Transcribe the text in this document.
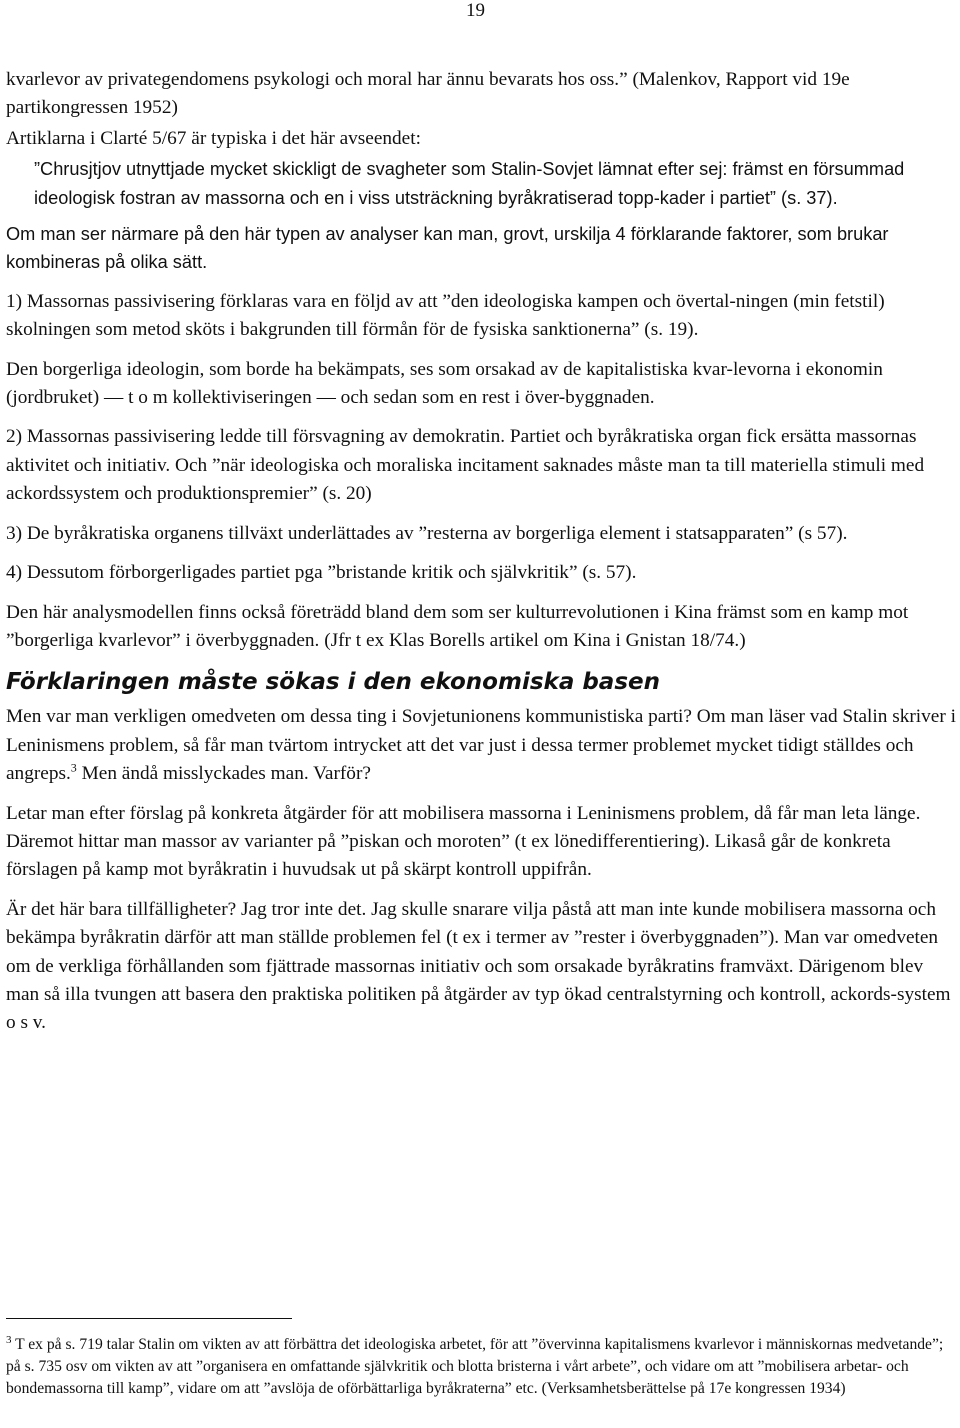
19

kvarlevor av privategendomens psykologi och moral har ännu bevarats hos oss.” (Malenkov, Rapport vid 19e partikongressen 1952)

Artiklarna i Clarté 5/67 är typiska i det här avseendet:

”Chrusjtjov utnyttjade mycket skickligt de svagheter som Stalin-Sovjet lämnat efter sej: främst en försummad ideologisk fostran av massorna och en i viss utsträckning byråkratiserad topp-kader i partiet” (s. 37).

Om man ser närmare på den här typen av analyser kan man, grovt, urskilja 4 förklarande faktorer, som brukar kombineras på olika sätt.

1) Massornas passivisering förklaras vara en följd av att ”den ideologiska kampen och övertal-ningen (min fetstil) skolningen som metod sköts i bakgrunden till förmån för de fysiska sanktionerna” (s. 19).

Den borgerliga ideologin, som borde ha bekämpats, ses som orsakad av de kapitalistiska kvar-levorna i ekonomin (jordbruket) — t o m kollektiviseringen — och sedan som en rest i över-byggnaden.

2) Massornas passivisering ledde till försvagning av demokratin. Partiet och byråkratiska organ fick ersätta massornas aktivitet och initiativ. Och ”när ideologiska och moraliska incitament saknades måste man ta till materiella stimuli med ackordssystem och produktionspremier” (s. 20)

3) De byråkratiska organens tillväxt underlättades av ”resterna av borgerliga element i statsapparaten” (s 57).

4) Dessutom förborgerligades partiet pga ”bristande kritik och självkritik” (s. 57).

Den här analysmodellen finns också företrädd bland dem som ser kulturrevolutionen i Kina främst som en kamp mot ”borgerliga kvarlevor” i överbyggnaden. (Jfr t ex Klas Borells artikel om Kina i Gnistan 18/74.)

Förklaringen måste sökas i den ekonomiska basen

Men var man verkligen omedveten om dessa ting i Sovjetunionens kommunistiska parti? Om man läser vad Stalin skriver i Leninismens problem, så får man tvärtom intrycket att det var just i dessa termer problemet mycket tidigt ställdes och angreps.$^3$ Men ändå misslyckades man. Varför?

Letar man efter förslag på konkreta åtgärder för att mobilisera massorna i Leninismens problem, då får man leta länge. Däremot hittar man massor av varianter på ”piskan och moroten” (t ex lönedifferentiering). Likaså går de konkreta förslagen på kamp mot byråkratin i huvudsak ut på skärpt kontroll uppifrån.

Är det här bara tillfälligheter? Jag tror inte det. Jag skulle snarare vilja påstå att man inte kunde mobilisera massorna och bekämpa byråkratin därför att man ställde problemen fel (t ex i termer av ”rester i överbyggnaden”). Man var omedveten om de verkliga förhållanden som fjättrade massornas initiativ och som orsakade byråkratins framväxt. Därigenom blev man så illa tvungen att basera den praktiska politiken på åtgärder av typ ökad centralstyrning och kontroll, ackords-system o s v.

$^3$ T ex på s. 719 talar Stalin om vikten av att förbättra det ideologiska arbetet, för att ”övervinna kapitalismens kvarlevor i människornas medvetande”; på s. 735 osv om vikten av att ”organisera en omfattande självkritik och blotta bristerna i vårt arbete”, och vidare om att ”mobilisera arbetar- och bondemassorna till kamp”, vidare om att ”avslöja de oförbättarliga byråkraterna” etc. (Verksamhetsberättelse på 17e kongressen 1934)
